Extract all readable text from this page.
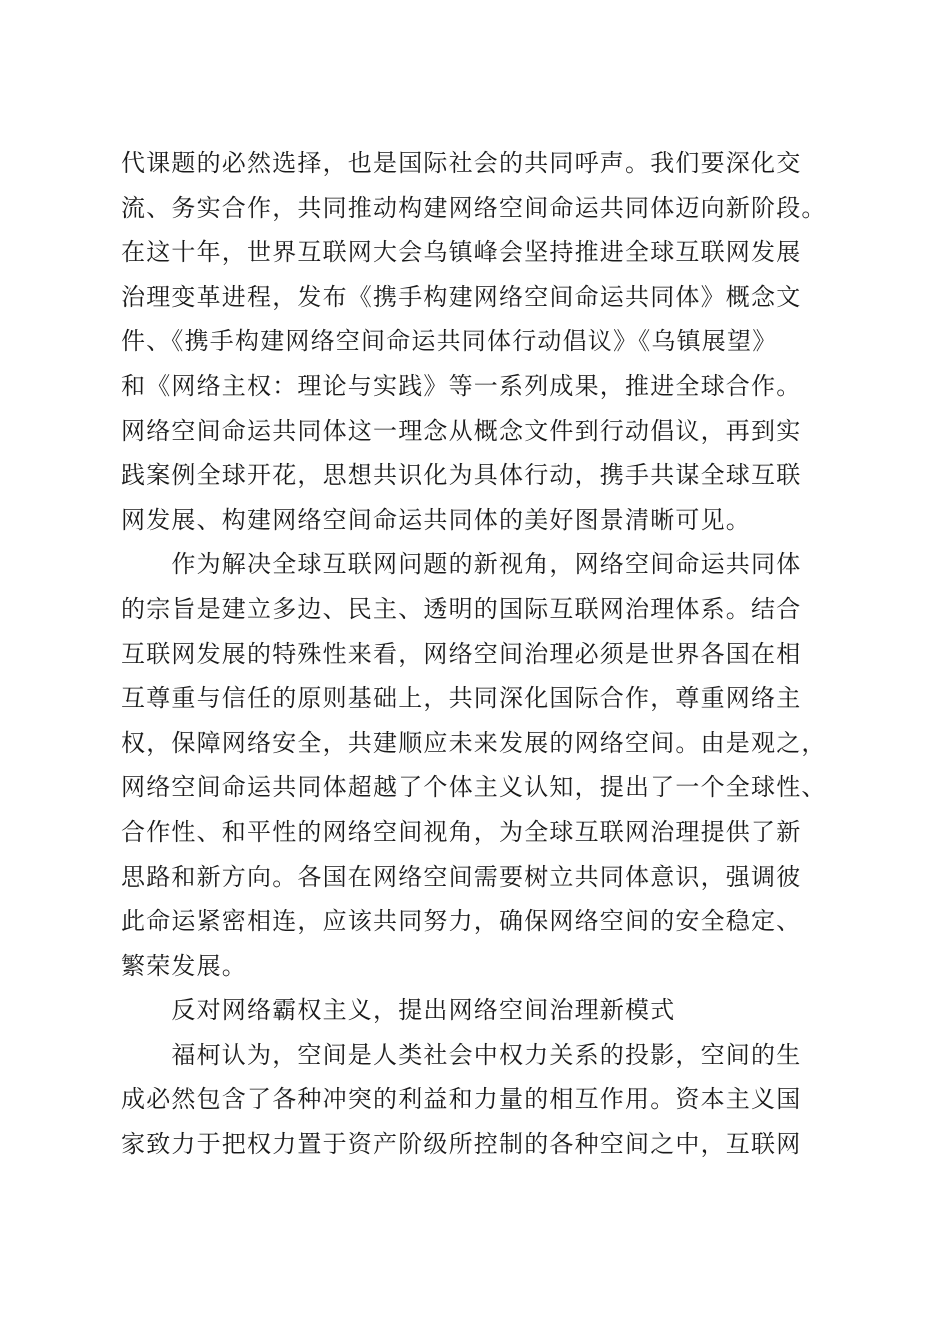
代课题的必然选择，也是国际社会的共同呼声。我们要深化交
流、务实合作，共同推动构建网络空间命运共同体迈向新阶段。
在这十年，世界互联网大会乌镇峰会坚持推进全球互联网发展
治理变革进程，发布《携手构建网络空间命运共同体》概念文
件、《携手构建网络空间命运共同体行动倡议》《乌镇展望》
和《网络主权：理论与实践》等一系列成果，推进全球合作。
网络空间命运共同体这一理念从概念文件到行动倡议，再到实
践案例全球开花，思想共识化为具体行动，携手共谋全球互联
网发展、构建网络空间命运共同体的美好图景清晰可见。
　　作为解决全球互联网问题的新视角，网络空间命运共同体
的宗旨是建立多边、民主、透明的国际互联网治理体系。结合
互联网发展的特殊性来看，网络空间治理必须是世界各国在相
互尊重与信任的原则基础上，共同深化国际合作，尊重网络主
权，保障网络安全，共建顺应未来发展的网络空间。由是观之，
网络空间命运共同体超越了个体主义认知，提出了一个全球性、
合作性、和平性的网络空间视角，为全球互联网治理提供了新
思路和新方向。各国在网络空间需要树立共同体意识，强调彼
此命运紧密相连，应该共同努力，确保网络空间的安全稳定、
繁荣发展。
　　反对网络霸权主义，提出网络空间治理新模式
　　福柯认为，空间是人类社会中权力关系的投影，空间的生
成必然包含了各种冲突的利益和力量的相互作用。资本主义国
家致力于把权力置于资产阶级所控制的各种空间之中，互联网
